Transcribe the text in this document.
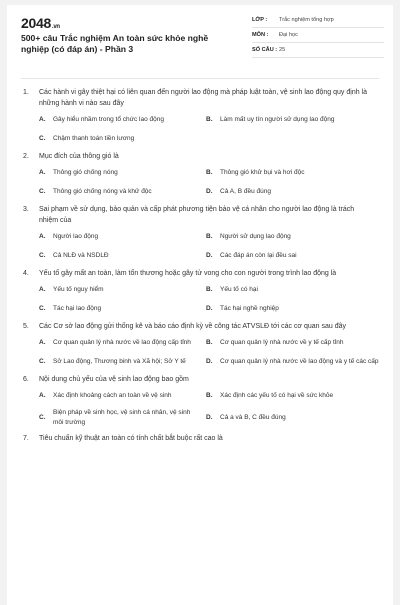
2048.vn
500+ câu Trắc nghiệm An toàn sức khỏe nghề nghiệp (có đáp án) - Phần 3
LỚP :	Trắc nghiệm tổng hợp
MÔN :	Đại học
SỐ CÂU : 25
1.	Các hành vi gây thiệt hại có liên quan đến người lao động mà pháp luật toàn, vệ sinh lao động quy định là những hành vi nào sau đây
A.	Gây hiểu nhầm trong tổ chức lao động	B.	Làm mất uy tín người sử dụng lao động
C.	Chậm thanh toán tiền lương
2.	Mục đích của thông gió là
A.	Thông gió chống nóng	B.	Thông gió khử bụi và hơi độc
C.	Thông gió chống nóng và khử độc	D.	Cả A, B đều đúng
3.	Sai phạm về sử dụng, bảo quản và cấp phát phương tiện bảo vệ cá nhân cho người lao động là trách nhiệm của
A.	Người lao động	B.	Người sử dụng lao động
C.	Cả NLĐ và NSDLĐ	D.	Các đáp án còn lại đều sai
4.	Yếu tố gây mất an toàn, làm tổn thương hoặc gây tử vong cho con người trong trình lao động là
A.	Yếu tố nguy hiểm	B.	Yếu tố có hại
C.	Tác hại lao động	D.	Tác hại nghề nghiệp
5.	Các Cơ sở lao động gửi thống kê và báo cáo định kỳ về công tác ATVSLĐ tới các cơ quan sau đây
A.	Cơ quan quản lý nhà nước về lao động cấp tỉnh B.	Cơ quan quản lý nhà nước về y tế cấp tỉnh
C.	Sở Lao động, Thương binh và Xã hội; Sở Y tế	D.	Cơ quan quản lý nhà nước về lao động và y tế các cấp
6.	Nội dung chủ yếu của vệ sinh lao động bao gồm
A.	Xác định khoảng cách an toàn về vệ sinh	B.	Xác định các yếu tố có hại về sức khỏe
C.
Biện pháp về sinh học, vệ sinh cá nhân, vệ sinh môi trường
D.	Cả a và B, C đều đúng
7.	Tiêu chuẩn kỹ thuật an toàn có tính chất bắt buộc rất cao là
